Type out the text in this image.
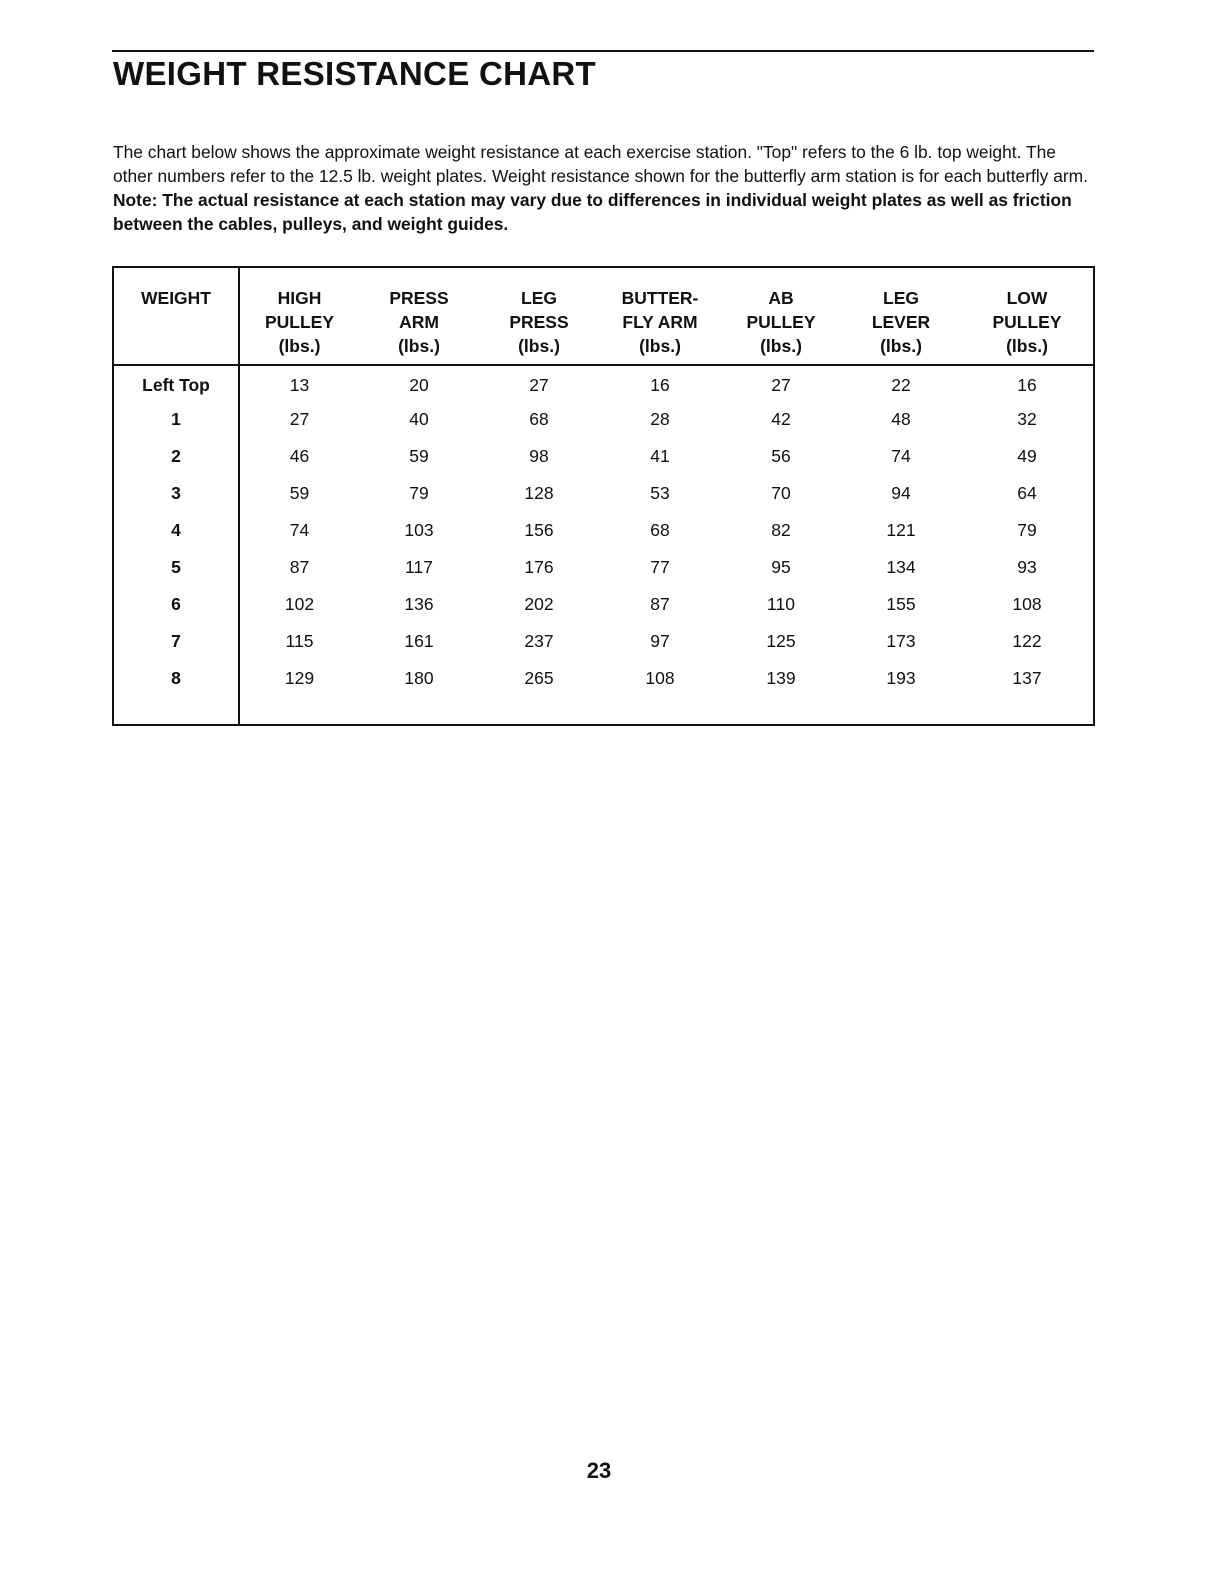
WEIGHT RESISTANCE CHART

The chart below shows the approximate weight resistance at each exercise station. "Top" refers to the 6 lb. top weight. The other numbers refer to the 12.5 lb. weight plates. Weight resistance shown for the butterfly arm station is for each butterfly arm. Note: The actual resistance at each station may vary due to differences in individual weight plates as well as friction between the cables, pulleys, and weight guides.

WEIGHT	HIGH
PULLEY
(lbs.)	PRESS
ARM
(lbs.)	LEG
PRESS
(lbs.)	BUTTER-
FLY ARM
(lbs.)	AB
PULLEY
(lbs.)	LEG
LEVER
(lbs.)	LOW
PULLEY
(lbs.)
Left Top	13	20	27	16	27	22	16
1	27	40	68	28	42	48	32
2	46	59	98	41	56	74	49
3	59	79	128	53	70	94	64
4	74	103	156	68	82	121	79
5	87	117	176	77	95	134	93
6	102	136	202	87	110	155	108
7	115	161	237	97	125	173	122
8	129	180	265	108	139	193	137

23
